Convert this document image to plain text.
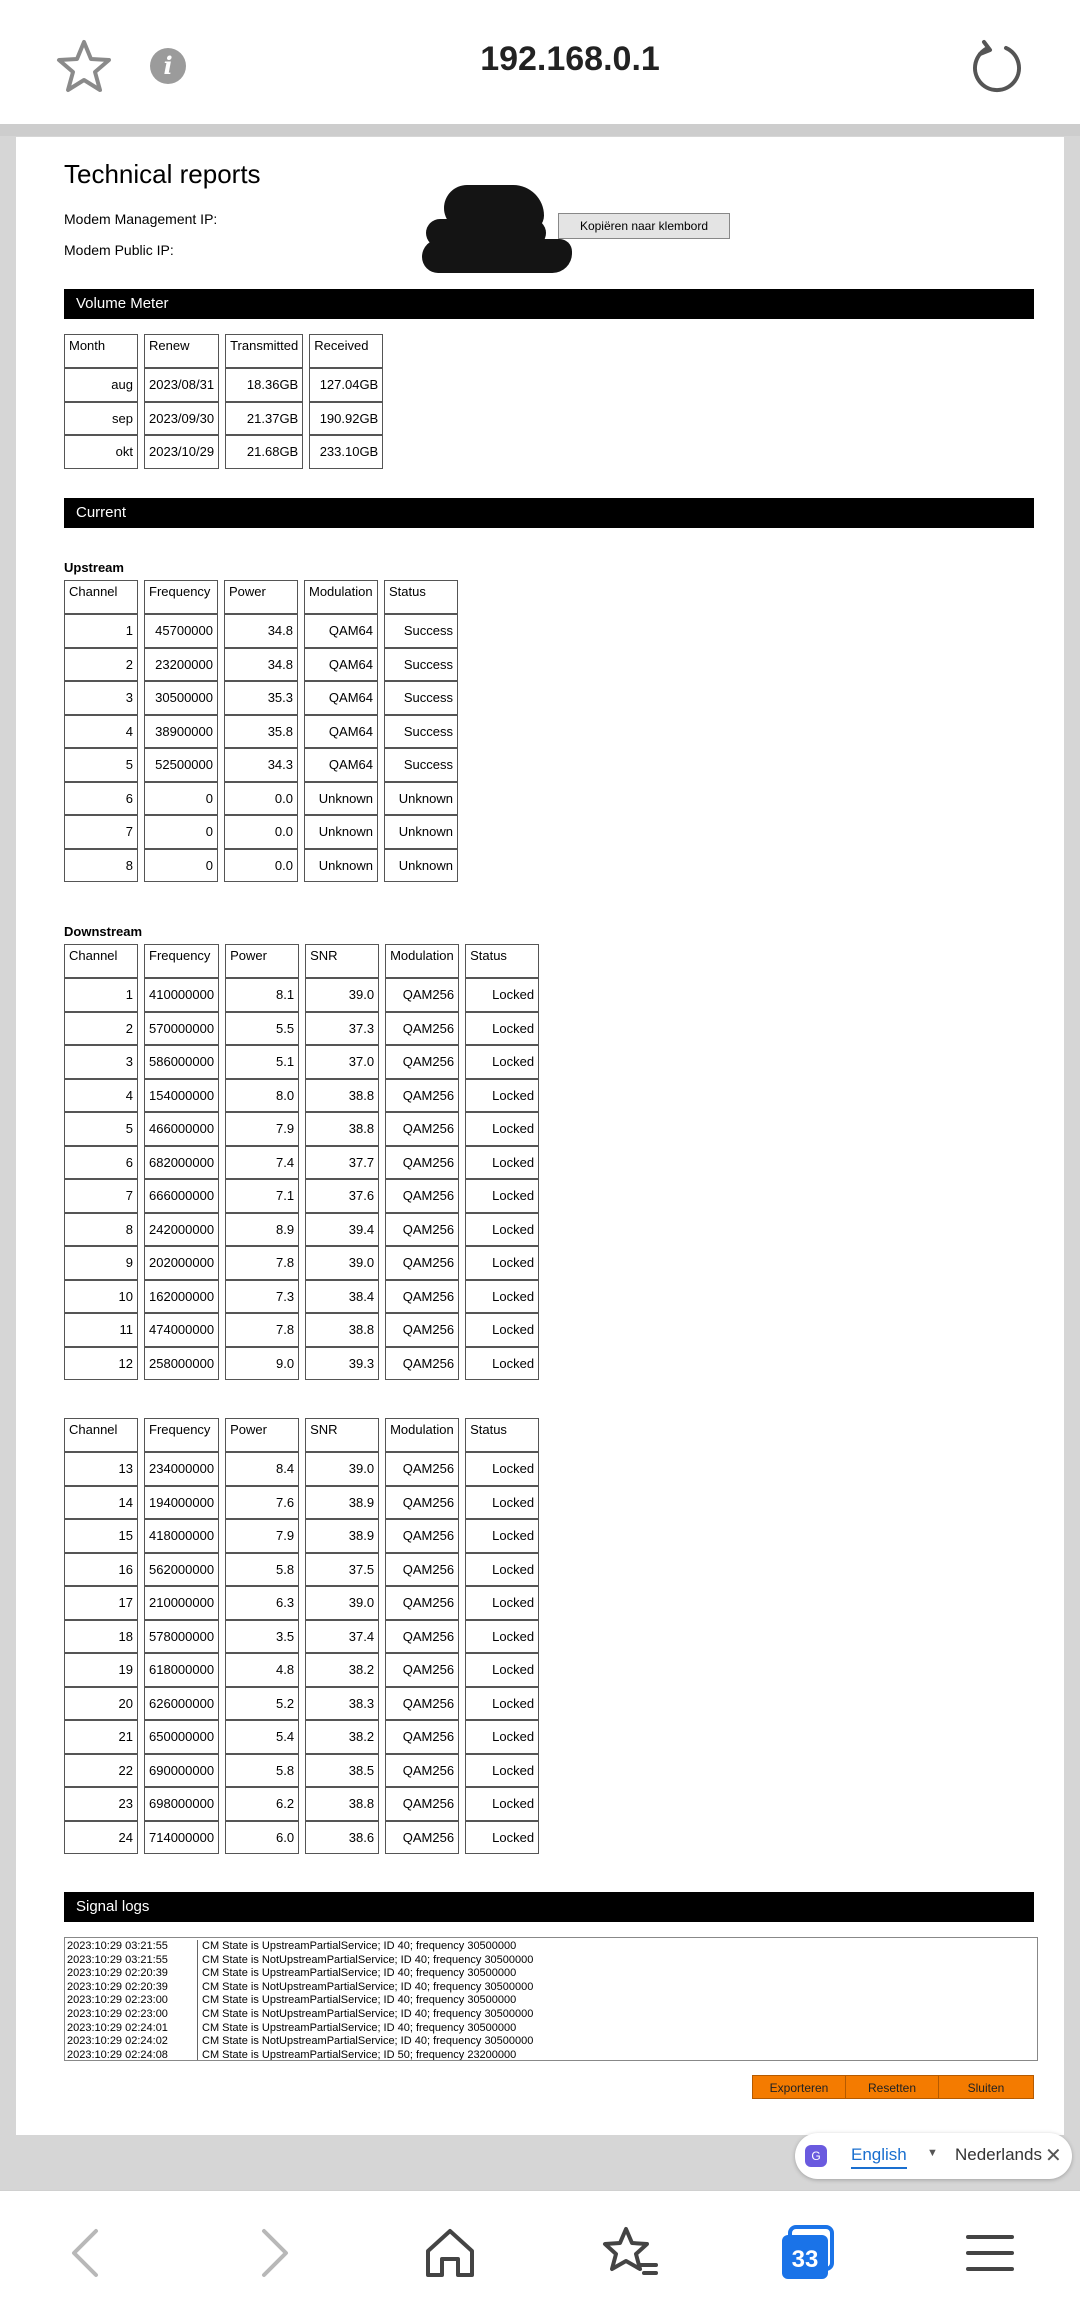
i	192.168.0.1
Technical reports
Modem Management IP:
Modem Public IP:
Kopiëren naar klembord
Volume Meter
Month	Renew	Transmitted	Received
aug	2023/08/31	18.36GB	127.04GB
sep	2023/09/30	21.37GB	190.92GB
okt	2023/10/29	21.68GB	233.10GB
Current
Upstream
Channel	Frequency	Power	Modulation	Status
1	45700000	34.8	QAM64	Success
2	23200000	34.8	QAM64	Success
3	30500000	35.3	QAM64	Success
4	38900000	35.8	QAM64	Success
5	52500000	34.3	QAM64	Success
6	0	0.0	Unknown	Unknown
7	0	0.0	Unknown	Unknown
8	0	0.0	Unknown	Unknown
Downstream
Channel	Frequency	Power	SNR	Modulation	Status
1	410000000	8.1	39.0	QAM256	Locked
2	570000000	5.5	37.3	QAM256	Locked
3	586000000	5.1	37.0	QAM256	Locked
4	154000000	8.0	38.8	QAM256	Locked
5	466000000	7.9	38.8	QAM256	Locked
6	682000000	7.4	37.7	QAM256	Locked
7	666000000	7.1	37.6	QAM256	Locked
8	242000000	8.9	39.4	QAM256	Locked
9	202000000	7.8	39.0	QAM256	Locked
10	162000000	7.3	38.4	QAM256	Locked
11	474000000	7.8	38.8	QAM256	Locked
12	258000000	9.0	39.3	QAM256	Locked
Channel	Frequency	Power	SNR	Modulation	Status
13	234000000	8.4	39.0	QAM256	Locked
14	194000000	7.6	38.9	QAM256	Locked
15	418000000	7.9	38.9	QAM256	Locked
16	562000000	5.8	37.5	QAM256	Locked
17	210000000	6.3	39.0	QAM256	Locked
18	578000000	3.5	37.4	QAM256	Locked
19	618000000	4.8	38.2	QAM256	Locked
20	626000000	5.2	38.3	QAM256	Locked
21	650000000	5.4	38.2	QAM256	Locked
22	690000000	5.8	38.5	QAM256	Locked
23	698000000	6.2	38.8	QAM256	Locked
24	714000000	6.0	38.6	QAM256	Locked
Signal logs
2023:10:29 03:21:55	CM State is UpstreamPartialService; ID 40; frequency 30500000
2023:10:29 03:21:55	CM State is NotUpstreamPartialService; ID 40; frequency 30500000
2023:10:29 02:20:39	CM State is UpstreamPartialService; ID 40; frequency 30500000
2023:10:29 02:20:39	CM State is NotUpstreamPartialService; ID 40; frequency 30500000
2023:10:29 02:23:00	CM State is UpstreamPartialService; ID 40; frequency 30500000
2023:10:29 02:23:00	CM State is NotUpstreamPartialService; ID 40; frequency 30500000
2023:10:29 02:24:01	CM State is UpstreamPartialService; ID 40; frequency 30500000
2023:10:29 02:24:02	CM State is NotUpstreamPartialService; ID 40; frequency 30500000
2023:10:29 02:24:08	CM State is UpstreamPartialService; ID 50; frequency 23200000
Exporteren	Resetten	Sluiten
G	English ▼ Nederlands ✕
33
